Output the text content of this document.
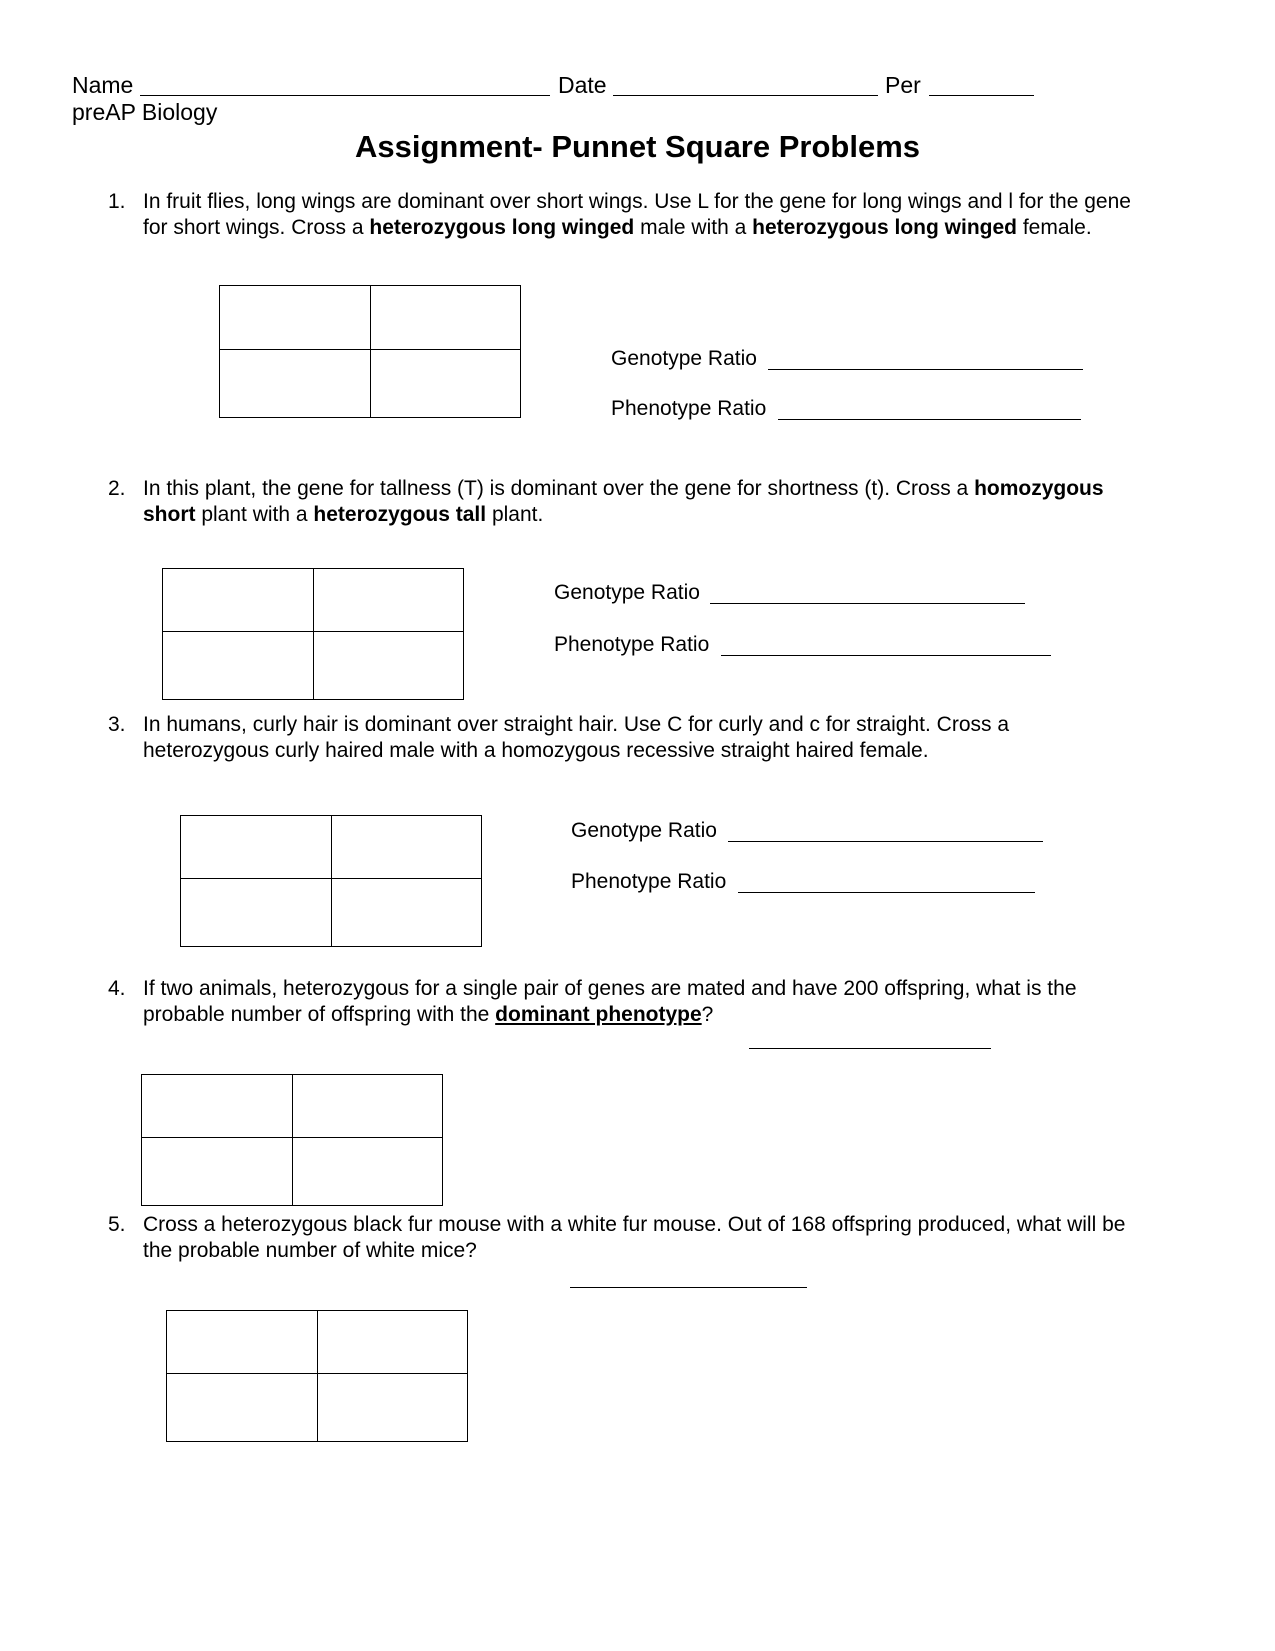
Name	Date	Per
preAP Biology
Assignment- Punnet Square Problems
1. In fruit flies, long wings are dominant over short wings. Use L for the gene for long wings and l for the gene for short wings. Cross a heterozygous long winged male with a heterozygous long winged female.
Genotype Ratio
Phenotype Ratio
2. In this plant, the gene for tallness (T) is dominant over the gene for shortness (t). Cross a homozygous short plant with a heterozygous tall plant.
Genotype Ratio
Phenotype Ratio
3. In humans, curly hair is dominant over straight hair. Use C for curly and c for straight. Cross a heterozygous curly haired male with a homozygous recessive straight haired female.
Genotype Ratio
Phenotype Ratio
4. If two animals, heterozygous for a single pair of genes are mated and have 200 offspring, what is the probable number of offspring with the dominant phenotype?
5. Cross a heterozygous black fur mouse with a white fur mouse. Out of 168 offspring produced, what will be the probable number of white mice?
